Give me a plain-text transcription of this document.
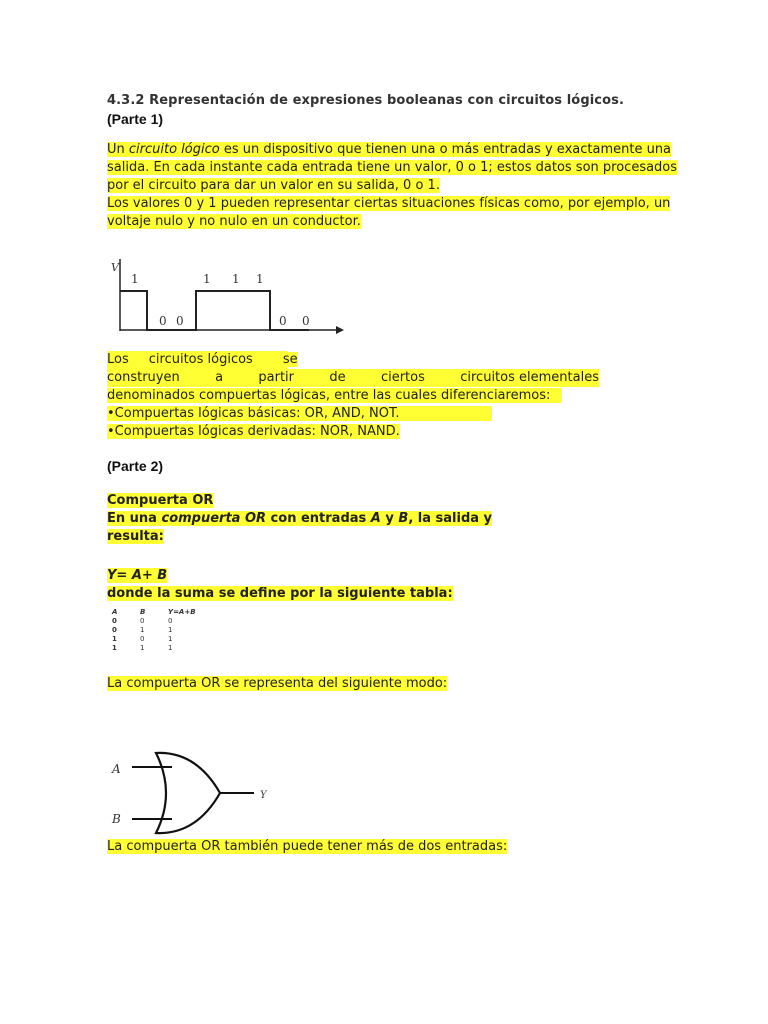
4.3.2 Representación de expresiones booleanas con circuitos lógicos.
(Parte 1)
Un circuito lógico es un dispositivo que tienen una o más entradas y exactamente una
salida. En cada instante cada entrada tiene un valor, 0 o 1; estos datos son procesados
por el circuito para dar un valor en su salida, 0 o 1.
Los valores 0 y 1 pueden representar ciertas situaciones físicas como, por ejemplo, un
voltaje nulo y no nulo en un conductor.
V
1
0 0
1 1 1
0 0
Los circuitos lógicos se
construyen	a	partir	de	ciertos	circuitos elementales
denominados compuertas lógicas, entre las cuales diferenciaremos:
•Compuertas lógicas básicas: OR, AND, NOT.
•Compuertas lógicas derivadas: NOR, NAND.
(Parte 2)
Compuerta OR
En una compuerta OR con entradas A y B, la salida y
resulta:
Y= A+ B
donde la suma se define por la siguiente tabla:
A	B	Y=A+B
0	0	0
0	1	1
1	0	1
1	1	1
La compuerta OR se representa del siguiente modo:
A
B
Y
La compuerta OR también puede tener más de dos entradas:
